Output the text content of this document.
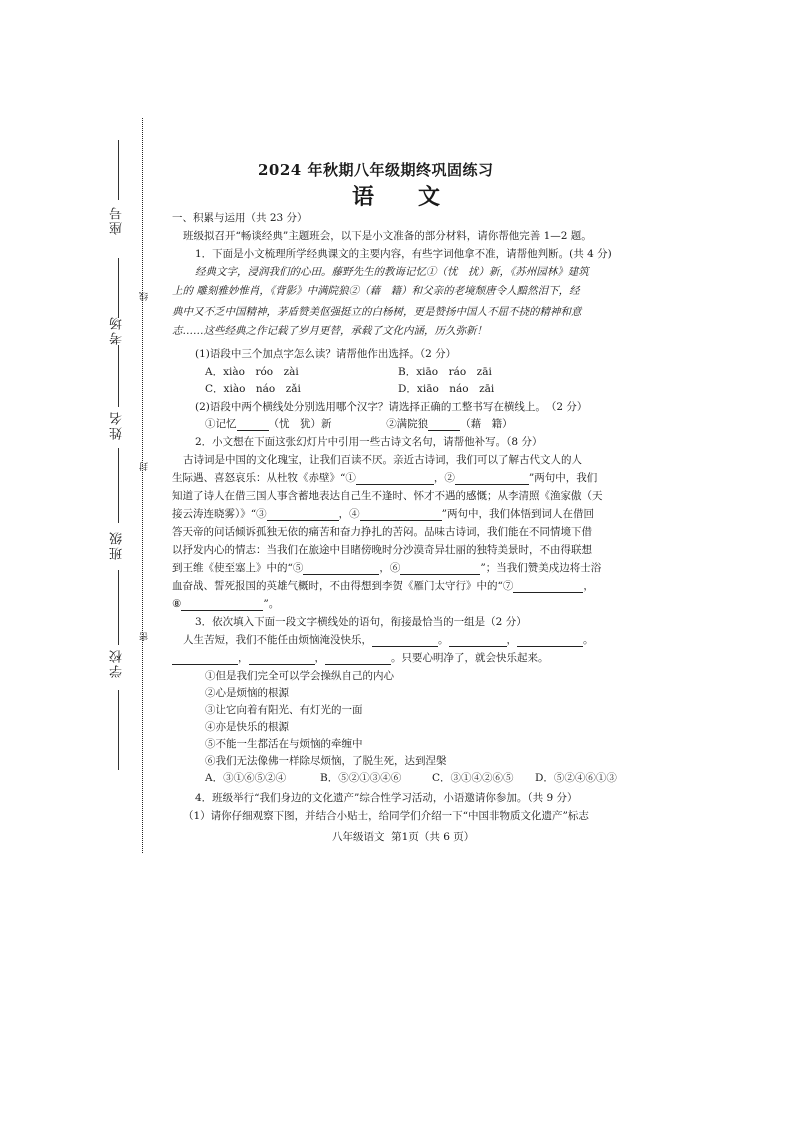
线
封
密
座号
考场
姓名
班级
学校
2024 年秋期八年级期终巩固练习
语　　文
一、积累与运用（共 23 分）
班级拟召开“畅谈经典”主题班会，以下是小文准备的部分材料，请你帮他完善 1—2 题。
1．下面是小文梳理所学经典课文的主要内容，有些字词他拿不准，请帮他判断。(共 4 分)
经典文字，浸润我们的心田。藤野先生的教诲记忆①（忧　扰）新，《苏州园林》建筑
上的 雕刻雅妙惟肖，《背影》中满院狼②（藉　籍）和父亲的老境颓唐令人黯然泪下，经
典中又不乏中国精神，茅盾赞美伛强挺立的白杨树，更是赞扬中国人不屈不挠的精神和意
志……这些经典之作记载了岁月更替，承载了文化内涵，历久弥新！
(1)语段中三个加点字怎么读？请帮他作出选择。（2 分）
A．xiào　róo　zài	B．xiāo　ráo　zāi
C．xiào　náo　zǎi	D．xiāo　náo　zāi
(2)语段中两个横线处分别选用哪个汉字？请选择正确的工整书写在横线上。　（2 分）
①记忆	（忧　犹）新	②满院狼	（藉　籍）
2．小文想在下面这张幻灯片中引用一些古诗文名句，请帮他补写。（8 分）
古诗词是中国的文化瑰宝，让我们百读不厌。亲近古诗词，我们可以了解古代文人的人
生际遇、喜怒哀乐：从杜牧《赤壁》“①	，②	”两句中，我们
知道了诗人在借三国人事含蓄地表达自己生不逢时、怀才不遇的感慨；从李清照《渔家傲（天
接云涛连晓雾）》“③	，④	”两句中，我们体悟到词人在借回
答天帝的问话倾诉孤独无依的痛苦和奋力挣扎的苦闷。品味古诗词，我们能在不同情境下借
以抒发内心的情志：当我们在旅途中目睹傍晚时分沙漠奇异壮丽的独特美景时，不由得联想
到王维《使至塞上》中的“⑤	，⑥	”；当我们赞美戍边将士浴
血奋战、誓死报国的英雄气概时，不由得想到李贺《雁门太守行》中的“⑦	，
⑧	”。
3．依次填入下面一段文字横线处的语句，衔接最恰当的一组是（2 分）
人生苦短，我们不能任由烦恼淹没快乐，	。	，	。
，	，	。只要心明净了，就会快乐起来。
①但是我们完全可以学会操纵自己的内心
②心是烦恼的根源
③让它向着有阳光、有灯光的一面
④亦是快乐的根源
⑤不能一生都活在与烦恼的牵缠中
⑥我们无法像佛一样除尽烦恼，了脱生死，达到涅槃
A．③①⑥⑤②④	B．⑤②①③④⑥	C．③①④②⑥⑤ D．⑤②④⑥①③
4．班级举行“我们身边的文化遗产”综合性学习活动，小语邀请你参加。（共 9 分）
（1）请你仔细观察下图，并结合小贴士，给同学们介绍一下“中国非物质文化遗产”标志
八年级语文  第1页（共 6 页）
